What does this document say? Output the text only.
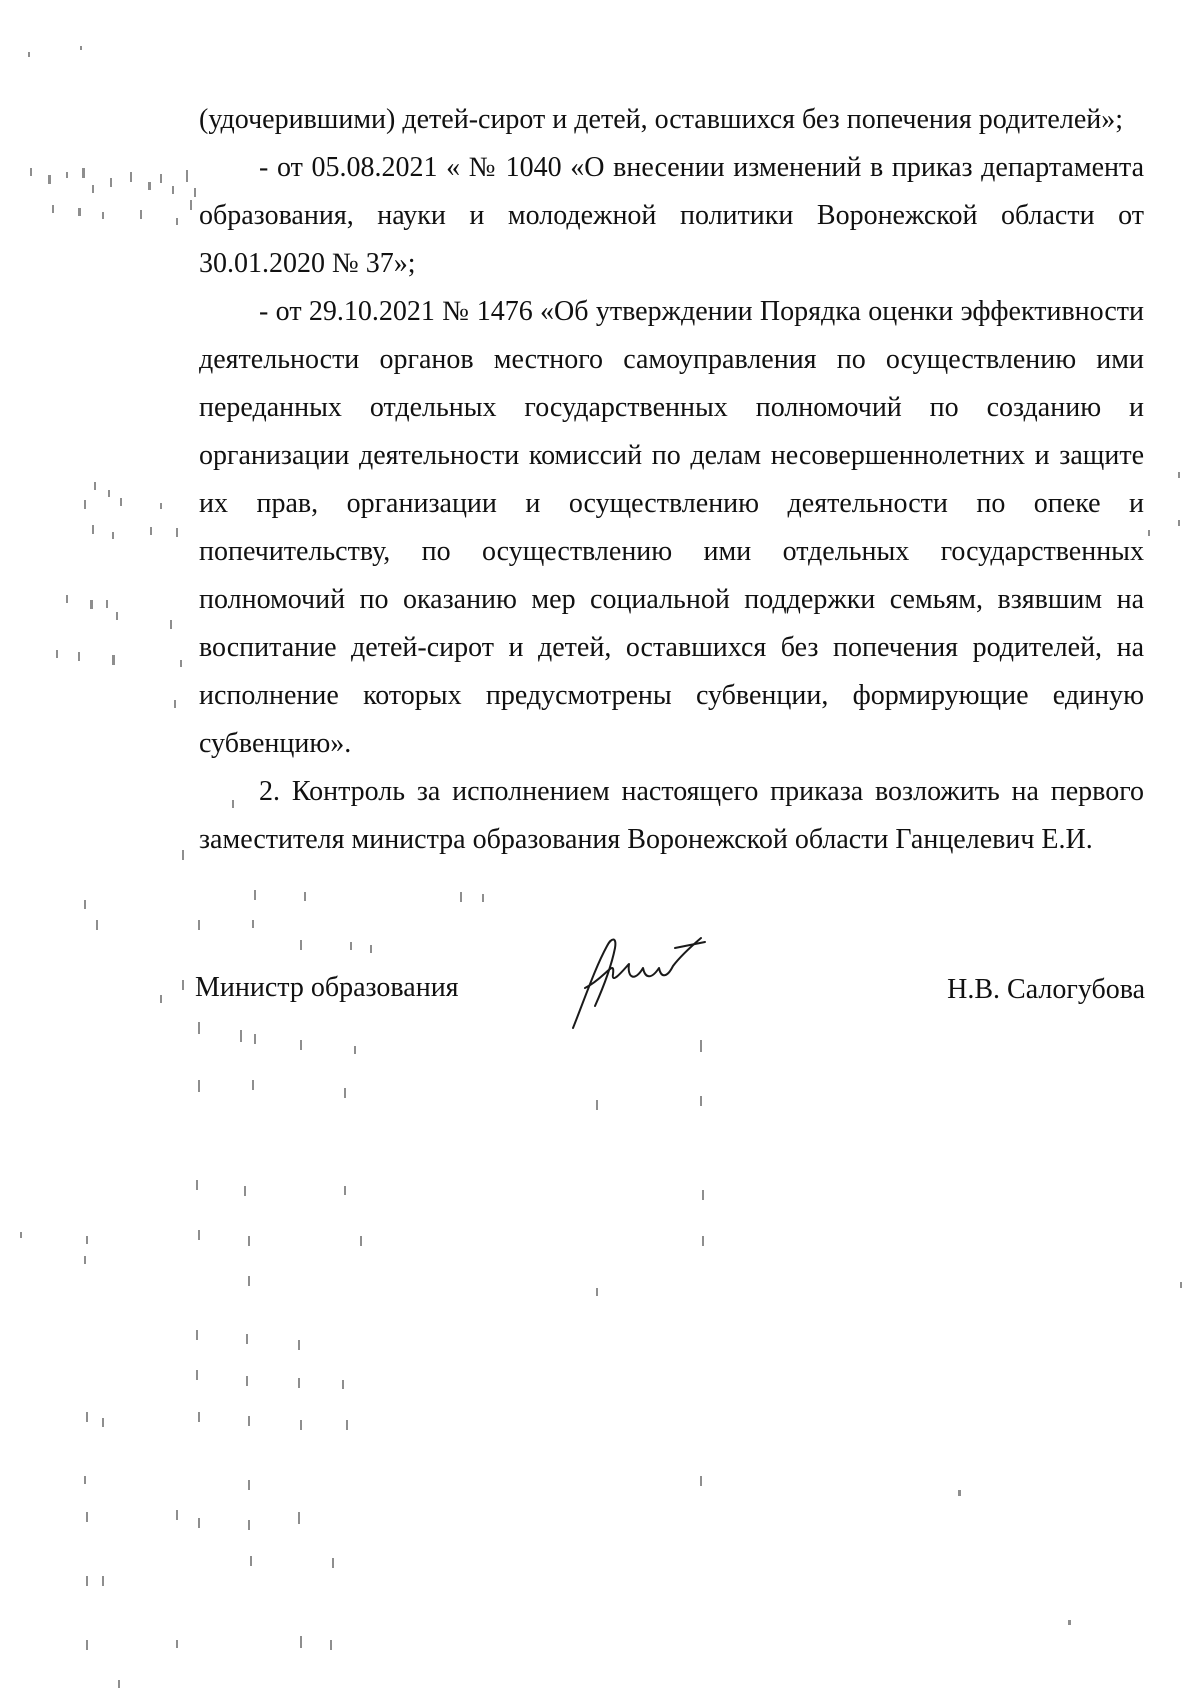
(удочерившими) детей-сирот и детей, оставшихся без попечения родителей»;

- от 05.08.2021 « № 1040 «О внесении изменений в приказ департамента образования, науки и молодежной политики Воронежской области от 30.01.2020 № 37»;

- от 29.10.2021 № 1476 «Об утверждении Порядка оценки эффективности деятельности органов местного самоуправления по осуществлению ими переданных отдельных государственных полномочий по созданию и организации деятельности комиссий по делам несовершеннолетних и защите их прав, организации и осуществлению деятельности по опеке и попечительству, по осуществлению ими отдельных государственных полномочий по оказанию мер социальной поддержки семьям, взявшим на воспитание детей-сирот и детей, оставшихся без попечения родителей, на исполнение которых предусмотрены субвенции, формирующие единую субвенцию».

2. Контроль за исполнением настоящего приказа возложить на первого заместителя министра образования Воронежской области Ганцелевич Е.И.

Министр образования	Н.В. Салогубова
